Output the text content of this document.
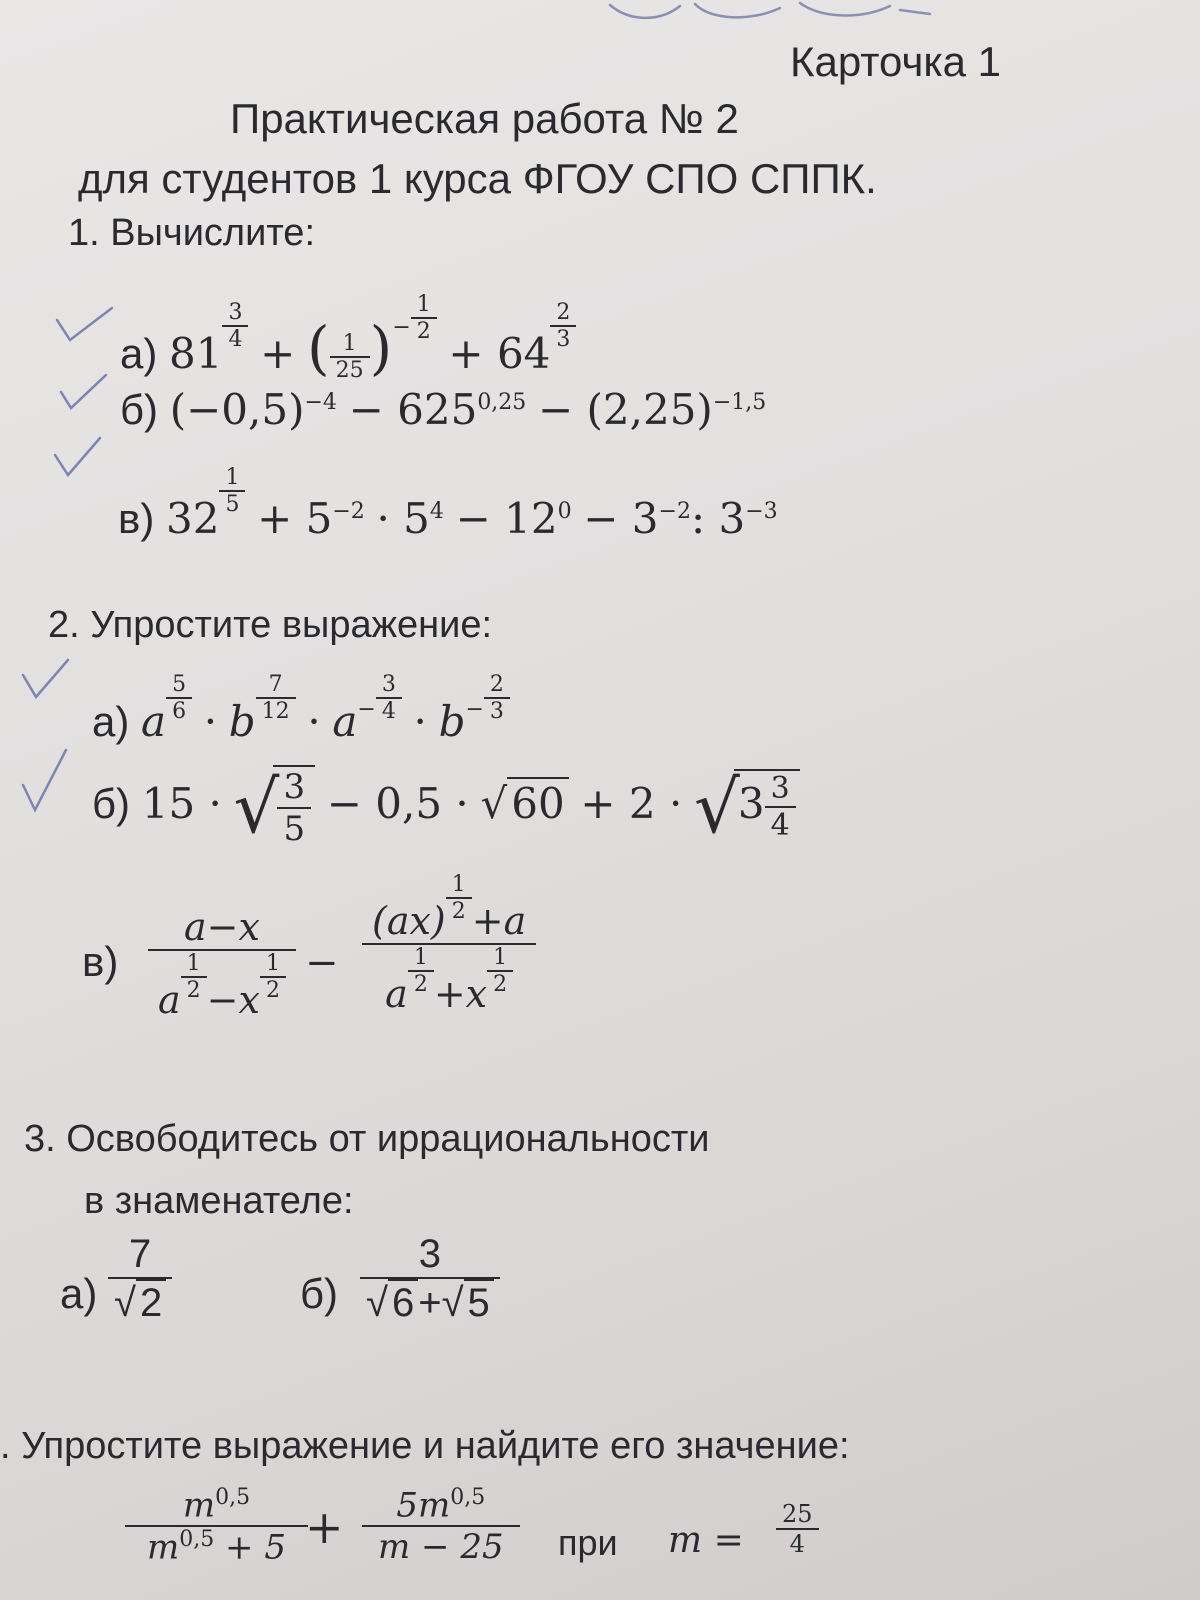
Карточка 1
Практическая работа № 2
для студентов 1 курса ФГОУ СПО СППК.
1. Вычислите:
а) 81
$\frac{3}{4}$
+ ( $\frac{1}{25} )^- \frac{1}{2}$
+ 64
$\frac{2}{3}$
б) $(-0,5)^{-4} - 625^{0,25} - (2,25)^{-1,5}$
в) 32
$\frac{1}{5}$
+ $5^{-2} \cdot 5^4 - 12^0 - 3^{-2}$: $3^{-3}$
2. Упростите выражение:
а) a $\frac{5}{6} \cdot b \frac{7}{12} \cdot a^- \frac{3}{4} \cdot b^- \frac{2}{3}$
б) 15 · √
$\frac{3}{5} - 0,5 \cdot √60 + 2 \cdot √3 \frac{3}{4}$
$в) \frac{a-x}{a \frac{1}{2} -x \frac{1}{2}} - \frac{(ax) \frac{1}{2} +a}{a \frac{1}{2} +x \frac{1}{2}}$
3. Освободитесь от иррациональности
в знаменателе:
$а) \frac{7}{√ 2}$	$б) \frac{3}{√ 6 +√ 5}$
. Упростите выражение и найдите его значение:
$\frac{m^{0,5}}{m^{0,5} + 5}$
+ $\frac{5m^{0,5}}{m - 25}$ при $m = \frac{25}{4}$
